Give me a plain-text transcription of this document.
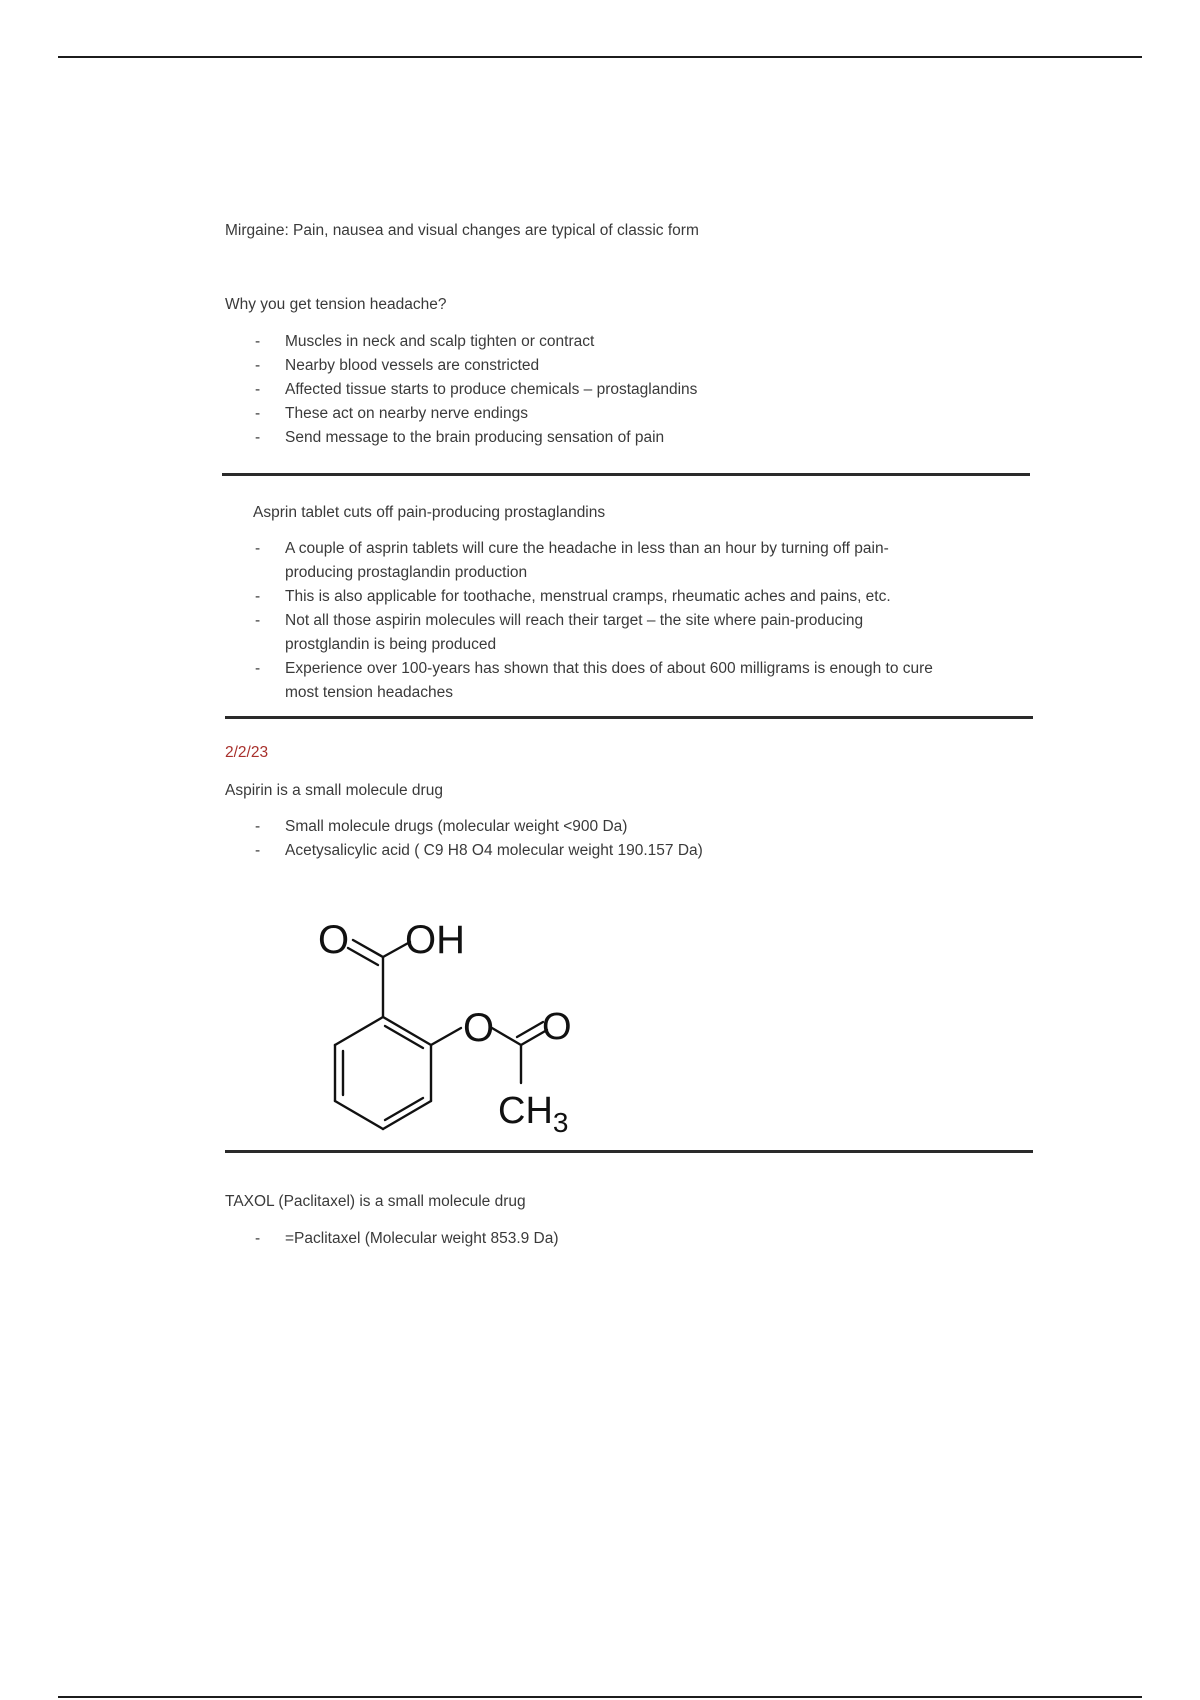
Mirgaine: Pain, nausea and visual changes are typical of classic form
Why you get tension headache?
- Muscles in neck and scalp tighten or contract
- Nearby blood vessels are constricted
- Affected tissue starts to produce chemicals – prostaglandins
- These act on nearby nerve endings
- Send message to the brain producing sensation of pain
Asprin tablet cuts off pain-producing prostaglandins
- A couple of asprin tablets will cure the headache in less than an hour by turning off pain-producing prostaglandin production
- This is also applicable for toothache, menstrual cramps, rheumatic aches and pains, etc.
- Not all those aspirin molecules will reach their target – the site where pain-producing prostglandin is being produced
- Experience over 100-years has shown that this does of about 600 milligrams is enough to cure most tension headaches
2/2/23
Aspirin is a small molecule drug
- Small molecule drugs (molecular weight <900 Da)
- Acetysalicylic acid ( C9 H8 O4 molecular weight 190.157 Da)
O OH
O O
$CH_3$
TAXOL (Paclitaxel) is a small molecule drug
- =Paclitaxel (Molecular weight 853.9 Da)
